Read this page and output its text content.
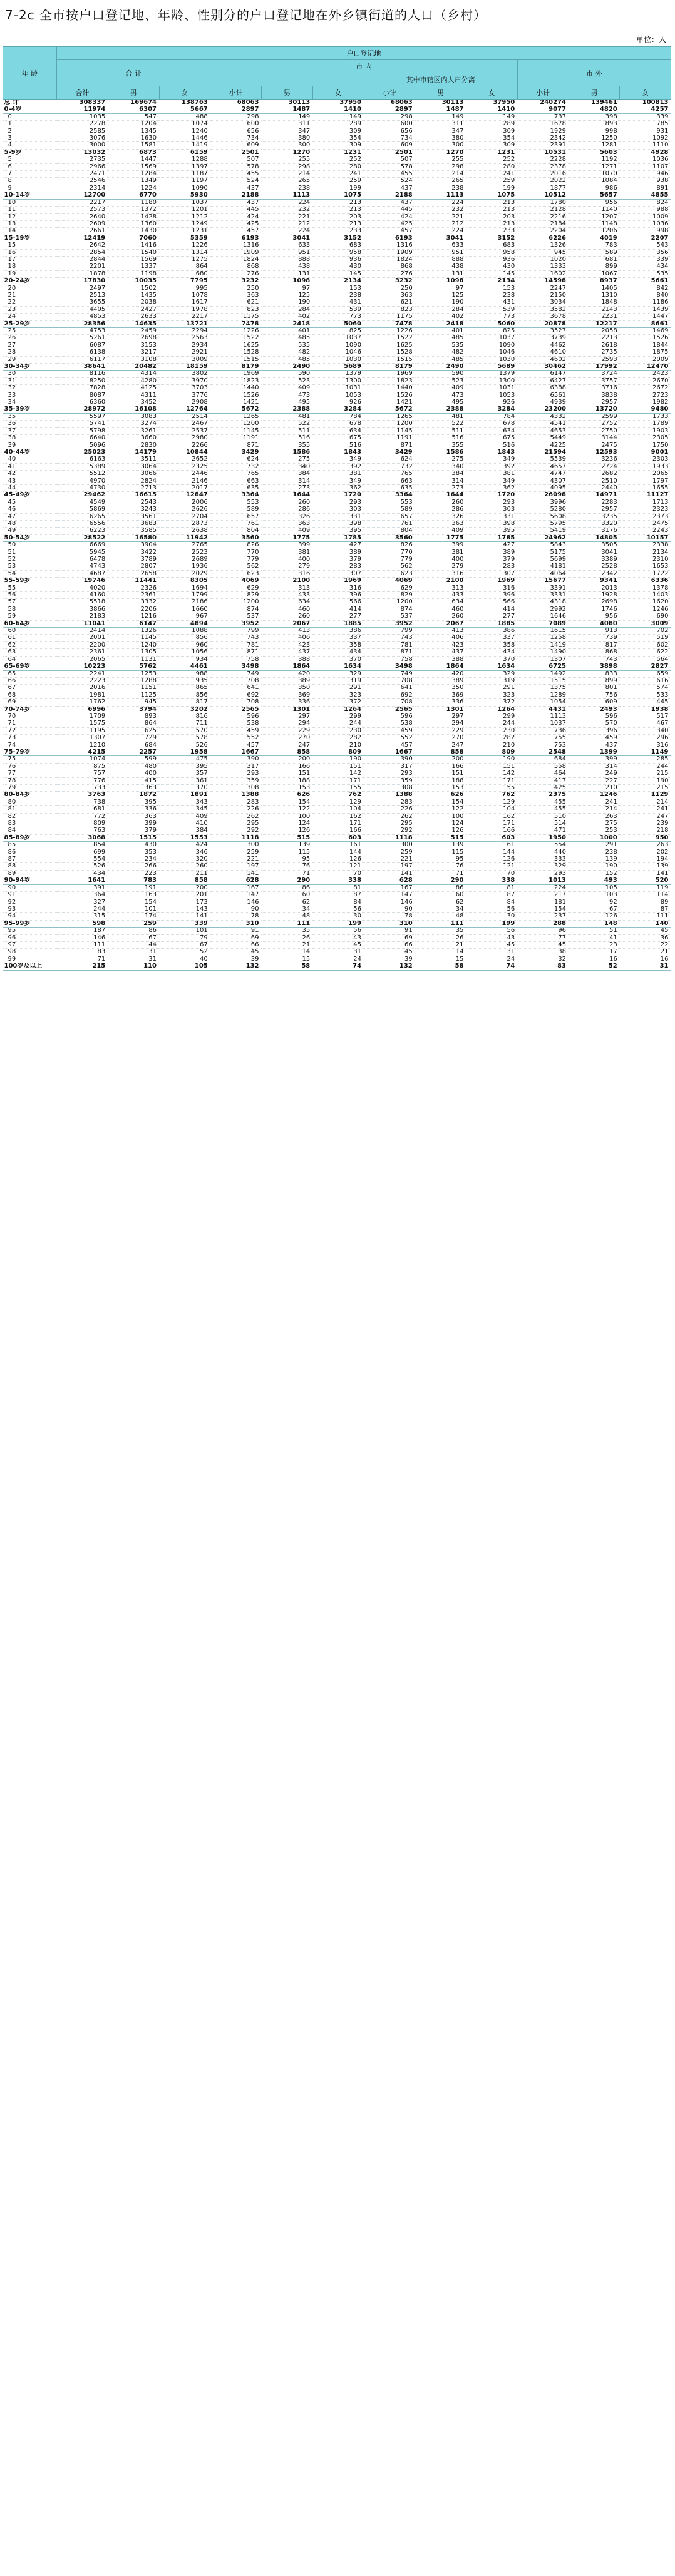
7-2c 全市按户口登记地、年龄、性别分的户口登记地在外乡镇街道的人口（乡村）
单位：人
年 龄	户口登记地											
	合 计			市 内						市 外		
							其中市辖区内人户分离					
	合计	男	女	小计	男	女	小计	男	女	小计	男	女
总 计	308337	169674	138763	68063	30113	37950	68063	30113	37950	240274	139461	100813
0-4岁	11974	6307	5667	2897	1487	1410	2897	1487	1410	9077	4820	4257
0	1035	547	488	298	149	149	298	149	149	737	398	339
1	2278	1204	1074	600	311	289	600	311	289	1678	893	785
2	2585	1345	1240	656	347	309	656	347	309	1929	998	931
3	3076	1630	1446	734	380	354	734	380	354	2342	1250	1092
4	3000	1581	1419	609	300	309	609	300	309	2391	1281	1110
5-9岁	13032	6873	6159	2501	1270	1231	2501	1270	1231	10531	5603	4928
5	2735	1447	1288	507	255	252	507	255	252	2228	1192	1036
6	2966	1569	1397	578	298	280	578	298	280	2378	1271	1107
7	2471	1284	1187	455	214	241	455	214	241	2016	1070	946
8	2546	1349	1197	524	265	259	524	265	259	2022	1084	938
9	2314	1224	1090	437	238	199	437	238	199	1877	986	891
10-14岁	12700	6770	5930	2188	1113	1075	2188	1113	1075	10512	5657	4855
10	2217	1180	1037	437	224	213	437	224	213	1780	956	824
11	2573	1372	1201	445	232	213	445	232	213	2128	1140	988
12	2640	1428	1212	424	221	203	424	221	203	2216	1207	1009
13	2609	1360	1249	425	212	213	425	212	213	2184	1148	1036
14	2661	1430	1231	457	224	233	457	224	233	2204	1206	998
15-19岁	12419	7060	5359	6193	3041	3152	6193	3041	3152	6226	4019	2207
15	2642	1416	1226	1316	633	683	1316	633	683	1326	783	543
16	2854	1540	1314	1909	951	958	1909	951	958	945	589	356
17	2844	1569	1275	1824	888	936	1824	888	936	1020	681	339
18	2201	1337	864	868	438	430	868	438	430	1333	899	434
19	1878	1198	680	276	131	145	276	131	145	1602	1067	535
20-24岁	17830	10035	7795	3232	1098	2134	3232	1098	2134	14598	8937	5661
20	2497	1502	995	250	97	153	250	97	153	2247	1405	842
21	2513	1435	1078	363	125	238	363	125	238	2150	1310	840
22	3655	2038	1617	621	190	431	621	190	431	3034	1848	1186
23	4405	2427	1978	823	284	539	823	284	539	3582	2143	1439
24	4853	2633	2217	1175	402	773	1175	402	773	3678	2231	1447
25-29岁	28356	14635	13721	7478	2418	5060	7478	2418	5060	20878	12217	8661
25	4753	2459	2294	1226	401	825	1226	401	825	3527	2058	1469
26	5261	2698	2563	1522	485	1037	1522	485	1037	3739	2213	1526
27	6087	3153	2934	1625	535	1090	1625	535	1090	4462	2618	1844
28	6138	3217	2921	1528	482	1046	1528	482	1046	4610	2735	1875
29	6117	3108	3009	1515	485	1030	1515	485	1030	4602	2593	2009
30-34岁	38641	20482	18159	8179	2490	5689	8179	2490	5689	30462	17992	12470
30	8116	4314	3802	1969	590	1379	1969	590	1379	6147	3724	2423
31	8250	4280	3970	1823	523	1300	1823	523	1300	6427	3757	2670
32	7828	4125	3703	1440	409	1031	1440	409	1031	6388	3716	2672
33	8087	4311	3776	1526	473	1053	1526	473	1053	6561	3838	2723
34	6360	3452	2908	1421	495	926	1421	495	926	4939	2957	1982
35-39岁	28972	16108	12764	5672	2388	3284	5672	2388	3284	23200	13720	9480
35	5597	3083	2514	1265	481	784	1265	481	784	4332	2599	1733
36	5741	3274	2467	1200	522	678	1200	522	678	4541	2752	1789
37	5798	3261	2537	1145	511	634	1145	511	634	4653	2750	1903
38	6640	3660	2980	1191	516	675	1191	516	675	5449	3144	2305
39	5096	2830	2266	871	355	516	871	355	516	4225	2475	1750
40-44岁	25023	14179	10844	3429	1586	1843	3429	1586	1843	21594	12593	9001
40	6163	3511	2652	624	275	349	624	275	349	5539	3236	2303
41	5389	3064	2325	732	340	392	732	340	392	4657	2724	1933
42	5512	3066	2446	765	384	381	765	384	381	4747	2682	2065
43	4970	2824	2146	663	314	349	663	314	349	4307	2510	1797
44	4730	2713	2017	635	273	362	635	273	362	4095	2440	1655
45-49岁	29462	16615	12847	3364	1644	1720	3364	1644	1720	26098	14971	11127
45	4549	2543	2006	553	260	293	553	260	293	3996	2283	1713
46	5869	3243	2626	589	286	303	589	286	303	5280	2957	2323
47	6265	3561	2704	657	326	331	657	326	331	5608	3235	2373
48	6556	3683	2873	761	363	398	761	363	398	5795	3320	2475
49	6223	3585	2638	804	409	395	804	409	395	5419	3176	2243
50-54岁	28522	16580	11942	3560	1775	1785	3560	1775	1785	24962	14805	10157
50	6669	3904	2765	826	399	427	826	399	427	5843	3505	2338
51	5945	3422	2523	770	381	389	770	381	389	5175	3041	2134
52	6478	3789	2689	779	400	379	779	400	379	5699	3389	2310
53	4743	2807	1936	562	279	283	562	279	283	4181	2528	1653
54	4687	2658	2029	623	316	307	623	316	307	4064	2342	1722
55-59岁	19746	11441	8305	4069	2100	1969	4069	2100	1969	15677	9341	6336
55	4020	2326	1694	629	313	316	629	313	316	3391	2013	1378
56	4160	2361	1799	829	433	396	829	433	396	3331	1928	1403
57	5518	3332	2186	1200	634	566	1200	634	566	4318	2698	1620
58	3866	2206	1660	874	460	414	874	460	414	2992	1746	1246
59	2183	1216	967	537	260	277	537	260	277	1646	956	690
60-64岁	11041	6147	4894	3952	2067	1885	3952	2067	1885	7089	4080	3009
60	2414	1326	1088	799	413	386	799	413	386	1615	913	702
61	2001	1145	856	743	406	337	743	406	337	1258	739	519
62	2200	1240	960	781	423	358	781	423	358	1419	817	602
63	2361	1305	1056	871	437	434	871	437	434	1490	868	622
64	2065	1131	934	758	388	370	758	388	370	1307	743	564
65-69岁	10223	5762	4461	3498	1864	1634	3498	1864	1634	6725	3898	2827
65	2241	1253	988	749	420	329	749	420	329	1492	833	659
66	2223	1288	935	708	389	319	708	389	319	1515	899	616
67	2016	1151	865	641	350	291	641	350	291	1375	801	574
68	1981	1125	856	692	369	323	692	369	323	1289	756	533
69	1762	945	817	708	336	372	708	336	372	1054	609	445
70-74岁	6996	3794	3202	2565	1301	1264	2565	1301	1264	4431	2493	1938
70	1709	893	816	596	297	299	596	297	299	1113	596	517
71	1575	864	711	538	294	244	538	294	244	1037	570	467
72	1195	625	570	459	229	230	459	229	230	736	396	340
73	1307	729	578	552	270	282	552	270	282	755	459	296
74	1210	684	526	457	247	210	457	247	210	753	437	316
75-79岁	4215	2257	1958	1667	858	809	1667	858	809	2548	1399	1149
75	1074	599	475	390	200	190	390	200	190	684	399	285
76	875	480	395	317	166	151	317	166	151	558	314	244
77	757	400	357	293	151	142	293	151	142	464	249	215
78	776	415	361	359	188	171	359	188	171	417	227	190
79	733	363	370	308	153	155	308	153	155	425	210	215
80-84岁	3763	1872	1891	1388	626	762	1388	626	762	2375	1246	1129
80	738	395	343	283	154	129	283	154	129	455	241	214
81	681	336	345	226	122	104	226	122	104	455	214	241
82	772	363	409	262	100	162	262	100	162	510	263	247
83	809	399	410	295	124	171	295	124	171	514	275	239
84	763	379	384	292	126	166	292	126	166	471	253	218
85-89岁	3068	1515	1553	1118	515	603	1118	515	603	1950	1000	950
85	854	430	424	300	139	161	300	139	161	554	291	263
86	699	353	346	259	115	144	259	115	144	440	238	202
87	554	234	320	221	95	126	221	95	126	333	139	194
88	526	266	260	197	76	121	197	76	121	329	190	139
89	434	223	211	141	71	70	141	71	70	293	152	141
90-94岁	1641	783	858	628	290	338	628	290	338	1013	493	520
90	391	191	200	167	86	81	167	86	81	224	105	119
91	364	163	201	147	60	87	147	60	87	217	103	114
92	327	154	173	146	62	84	146	62	84	181	92	89
93	244	101	143	90	34	56	90	34	56	154	67	87
94	315	174	141	78	48	30	78	48	30	237	126	111
95-99岁	598	259	339	310	111	199	310	111	199	288	148	140
95	187	86	101	91	35	56	91	35	56	96	51	45
96	146	67	79	69	26	43	69	26	43	77	41	36
97	111	44	67	66	21	45	66	21	45	45	23	22
98	83	31	52	45	14	31	45	14	31	38	17	21
99	71	31	40	39	15	24	39	15	24	32	16	16
100岁及以上	215	110	105	132	58	74	132	58	74	83	52	31
